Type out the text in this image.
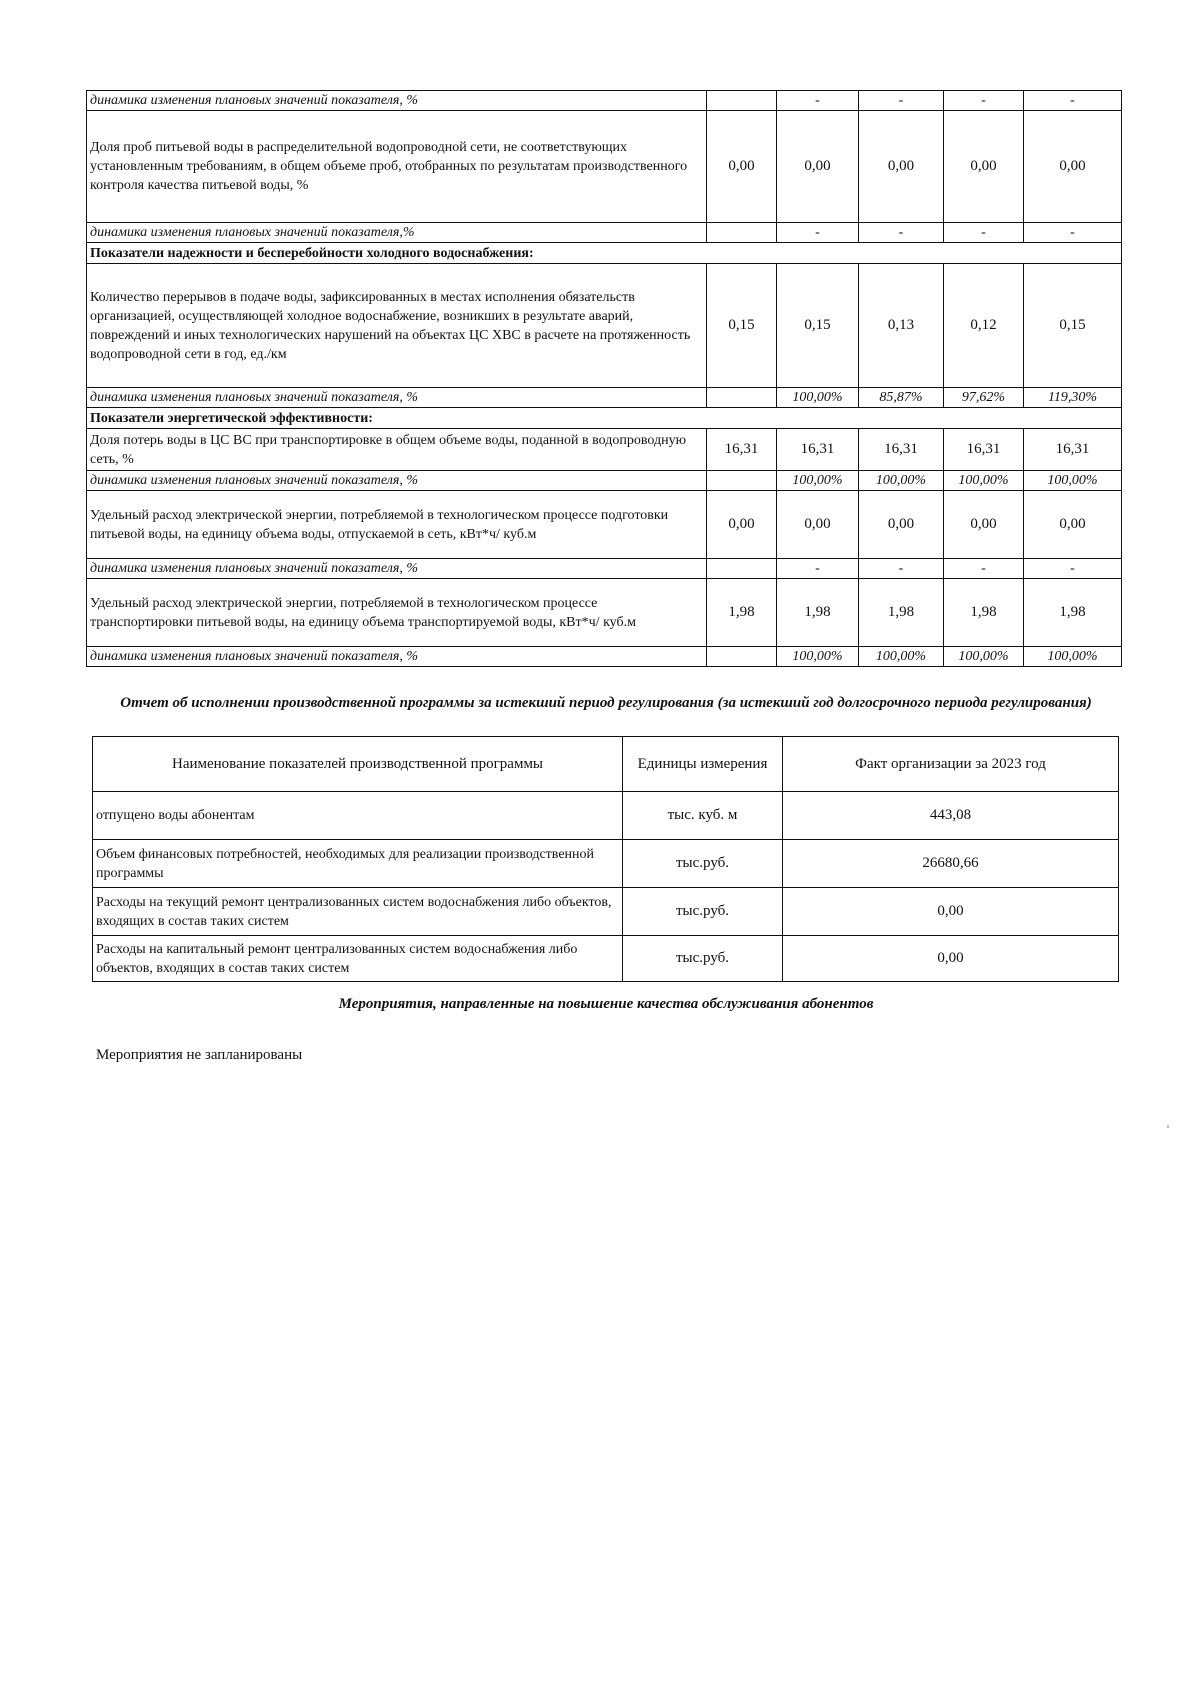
динамика изменения плановых значений показателя, %		-	-	-	-
Доля проб питьевой воды в распределительной водопроводной сети, не соответствующих установленным требованиям, в общем объеме проб, отобранных по результатам производственного контроля качества питьевой воды, %	0,00	0,00	0,00	0,00	0,00
динамика изменения плановых значений показателя,%		-	-	-	-
Показатели надежности и бесперебойности холодного водоснабжения:					
Количество перерывов в подаче воды, зафиксированных в местах исполнения обязательств организацией, осуществляющей холодное водоснабжение, возникших в результате аварий, повреждений и иных технологических нарушений на объектах ЦС ХВС в расчете на протяженность водопроводной сети в год, ед./км	0,15	0,15	0,13	0,12	0,15
динамика изменения плановых значений показателя, %		100,00%	85,87%	97,62%	119,30%
Показатели энергетической эффективности:					
Доля потерь воды в ЦС ВС при транспортировке в общем объеме воды, поданной в водопроводную сеть, %	16,31	16,31	16,31	16,31	16,31
динамика изменения плановых значений показателя, %		100,00%	100,00%	100,00%	100,00%
Удельный расход электрической энергии, потребляемой в технологическом процессе подготовки питьевой воды, на единицу объема воды, отпускаемой в сеть, кВт*ч/ куб.м	0,00	0,00	0,00	0,00	0,00
динамика изменения плановых значений показателя, %		-	-	-	-
Удельный расход электрической энергии, потребляемой в технологическом процессе транспортировки питьевой воды, на единицу объема транспортируемой воды, кВт*ч/ куб.м	1,98	1,98	1,98	1,98	1,98
динамика изменения плановых значений показателя, %		100,00%	100,00%	100,00%	100,00%
Отчет об исполнении производственной программы за истекший период регулирования (за истекший год долгосрочного периода регулирования)
Наименование показателей производственной программы	Единицы измерения	Факт организации за 2023 год
отпущено воды абонентам	тыс. куб. м	443,08
Объем финансовых потребностей, необходимых для реализации производственной программы	тыс.руб.	26680,66
Расходы на текущий ремонт централизованных систем водоснабжения либо объектов, входящих в состав таких систем	тыс.руб.	0,00
Расходы на капитальный ремонт централизованных систем водоснабжения либо объектов, входящих в состав таких систем	тыс.руб.	0,00
Мероприятия, направленные на повышение качества обслуживания абонентов
Мероприятия не запланированы
